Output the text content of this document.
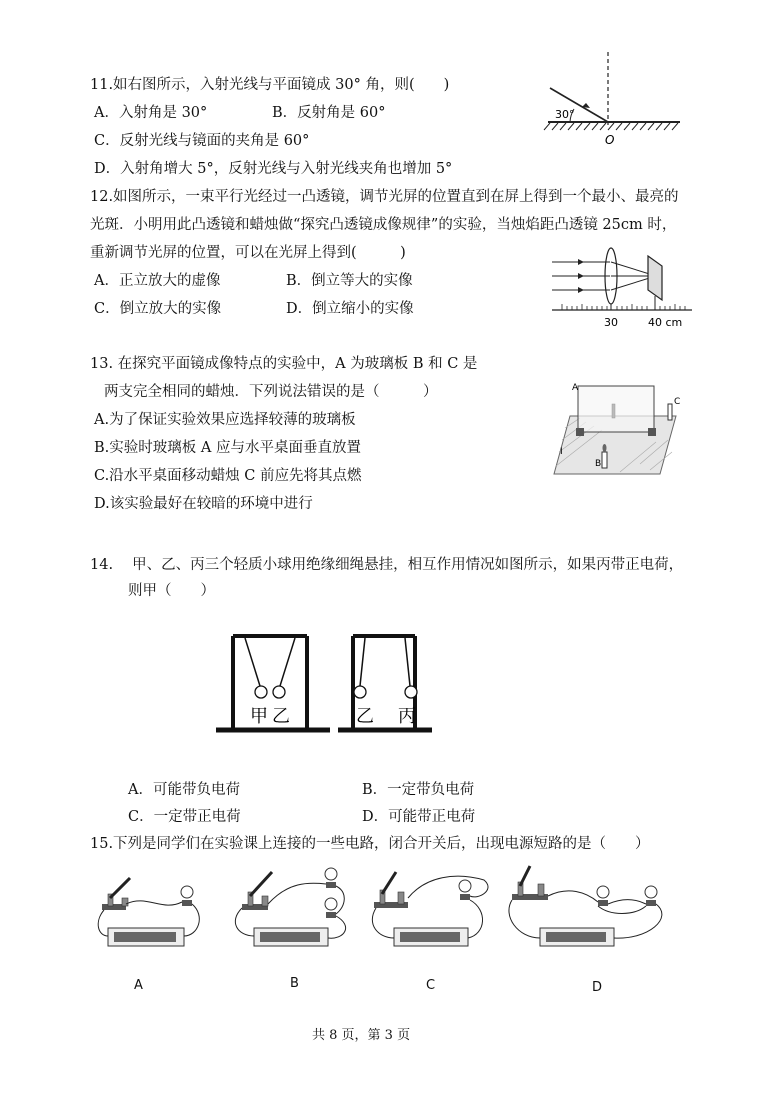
11.如右图所示，入射光线与平面镜成 30° 角，则(　　)
A．入射角是 30°	B．反射角是 60°
C．反射光线与镜面的夹角是 60°
D．入射角增大 5°，反射光线与入射光线夹角也增加 5°
30°
O
12.如图所示，一束平行光经过一凸透镜，调节光屏的位置直到在屏上得到一个最小、最亮的
光斑．小明用此凸透镜和蜡烛做“探究凸透镜成像规律”的实验，当烛焰距凸透镜 25cm 时，
重新调节光屏的位置，可以在光屏上得到(　　　)
A．正立放大的虚像	B．倒立等大的实像
C．倒立放大的实像	D．倒立缩小的实像
30	40 cm
13. 在探究平面镜成像特点的实验中，A 为玻璃板 B 和 C 是
两支完全相同的蜡烛．下列说法错误的是（　　　）
A.为了保证实验效果应选择较薄的玻璃板
B.实验时玻璃板 A 应与水平桌面垂直放置
C.沿水平桌面移动蜡烛 C 前应先将其点燃
D.该实验最好在较暗的环境中进行
A
B
C
I
14.　 甲、乙、丙三个轻质小球用绝缘细绳悬挂，相互作用情况如图所示，如果丙带正电荷，
则甲（　　）
甲 乙	乙 丙
A．可能带负电荷	B．一定带负电荷
C．一定带正电荷	D．可能带正电荷
15.下列是同学们在实验课上连接的一些电路，闭合开关后，出现电源短路的是（　　）
A	B	C	D
共 8 页，第 3 页
